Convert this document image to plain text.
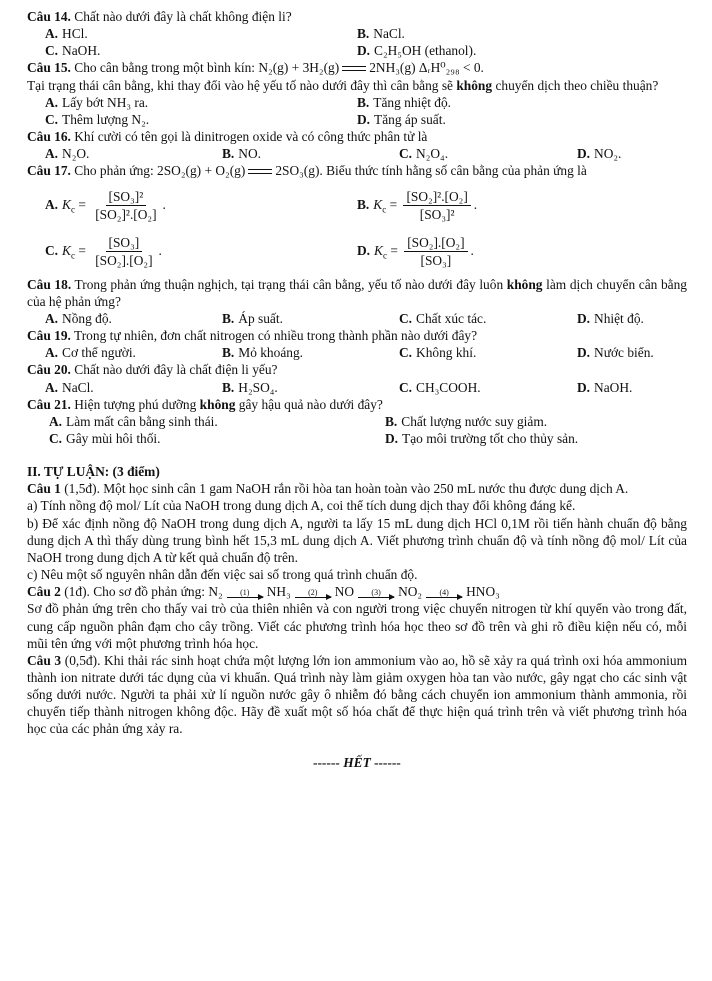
Câu 14. Chất nào dưới đây là chất không điện li?

A. HCl.	B. NaCl.
C. NaOH.	D. C₂H₅OH (ethanol).

Câu 15. Cho cân bằng trong một bình kín: N₂(g) + 3H₂(g) 2NH₃(g) ΔᵣH⁰₂₉₈ < 0.
Tại trạng thái cân bằng, khi thay đổi vào hệ yếu tố nào dưới đây thì cân bằng sẽ không chuyển dịch theo chiều thuận?

A. Lấy bớt NH₃ ra.	B. Tăng nhiệt độ.
C. Thêm lượng N₂.	D. Tăng áp suất.

Câu 16. Khí cười có tên gọi là dinitrogen oxide và có công thức phân tử là

A. N₂O.	B. NO.	C. N₂O₄.	D. NO₂.

Câu 17. Cho phản ứng: 2SO₂(g) + O₂(g) 2SO₃(g). Biểu thức tính hằng số cân bằng của phản ứng là

A. $K_c = \frac{\text{[SO₃]²}}{\text{[SO₂]².[O₂]}}$ .	B. $K_c = \frac{\text{[SO₂]².[O₂]}}{\text{[SO₃]²}}$ .
C. $K_c = \frac{\text{[SO₃]}}{\text{[SO₂].[O₂]}}$ .	D. $K_c = \frac{\text{[SO₂].[O₂]}}{\text{[SO₃]}}$ .

Câu 18. Trong phản ứng thuận nghịch, tại trạng thái cân bằng, yếu tố nào dưới đây luôn không làm dịch chuyển cân bằng của hệ phản ứng?

A. Nồng độ.	B. Áp suất.	C. Chất xúc tác.	D. Nhiệt độ.

Câu 19. Trong tự nhiên, đơn chất nitrogen có nhiều trong thành phần nào dưới đây?

A. Cơ thể người.	B. Mỏ khoáng.	C. Không khí.	D. Nước biển.

Câu 20. Chất nào dưới đây là chất điện li yếu?

A. NaCl.	B. H₂SO₄.	C. CH₃COOH.	D. NaOH.

Câu 21. Hiện tượng phú dưỡng không gây hậu quả nào dưới đây?

A. Làm mất cân bằng sinh thái.	B. Chất lượng nước suy giảm.
C. Gây mùi hôi thối.	D. Tạo môi trường tốt cho thủy sản.
II. TỰ LUẬN: (3 điểm)

Câu 1 (1,5đ). Một học sinh cân 1 gam NaOH rắn rồi hòa tan hoàn toàn vào 250 mL nước thu được dung dịch A.

a) Tính nồng độ mol/ Lít của NaOH trong dung dịch A, coi thể tích dung dịch thay đổi không đáng kể.

b) Để xác định nồng độ NaOH trong dung dịch A, người ta lấy 15 mL dung dịch HCl 0,1M rồi tiến hành chuẩn độ bằng dung dịch A thì thấy dùng trung bình hết 15,3 mL dung dịch A. Viết phương trình chuẩn độ và tính nồng độ mol/ Lít của NaOH trong dung dịch A từ kết quả chuẩn độ trên.

c) Nêu một số nguyên nhân dẫn đến việc sai số trong quá trình chuẩn độ.

Câu 2 (1đ). Cho sơ đồ phản ứng: N₂ (1) NH₃ (2) NO (3) NO₂ (4) HNO₃

Sơ đồ phản ứng trên cho thấy vai trò của thiên nhiên và con người trong việc chuyển nitrogen từ khí quyển vào trong đất, cung cấp nguồn phân đạm cho cây trồng. Viết các phương trình hóa học theo sơ đồ trên và ghi rõ điều kiện nếu có, mỗi mũi tên ứng với một phương trình hóa học.

Câu 3 (0,5đ). Khi thải rác sinh hoạt chứa một lượng lớn ion ammonium vào ao, hồ sẽ xảy ra quá trình oxi hóa ammonium thành ion nitrate dưới tác dụng của vi khuẩn. Quá trình này làm giảm oxygen hòa tan vào nước, gây ngạt cho các sinh vật sống dưới nước. Người ta phải xử lí nguồn nước gây ô nhiễm đó bằng cách chuyển ion ammonium thành ammonia, rồi chuyển tiếp thành nitrogen không độc. Hãy đề xuất một số hóa chất để thực hiện quá trình trên và viết phương trình hóa học của các phản ứng xảy ra.

------ HẾT ------
